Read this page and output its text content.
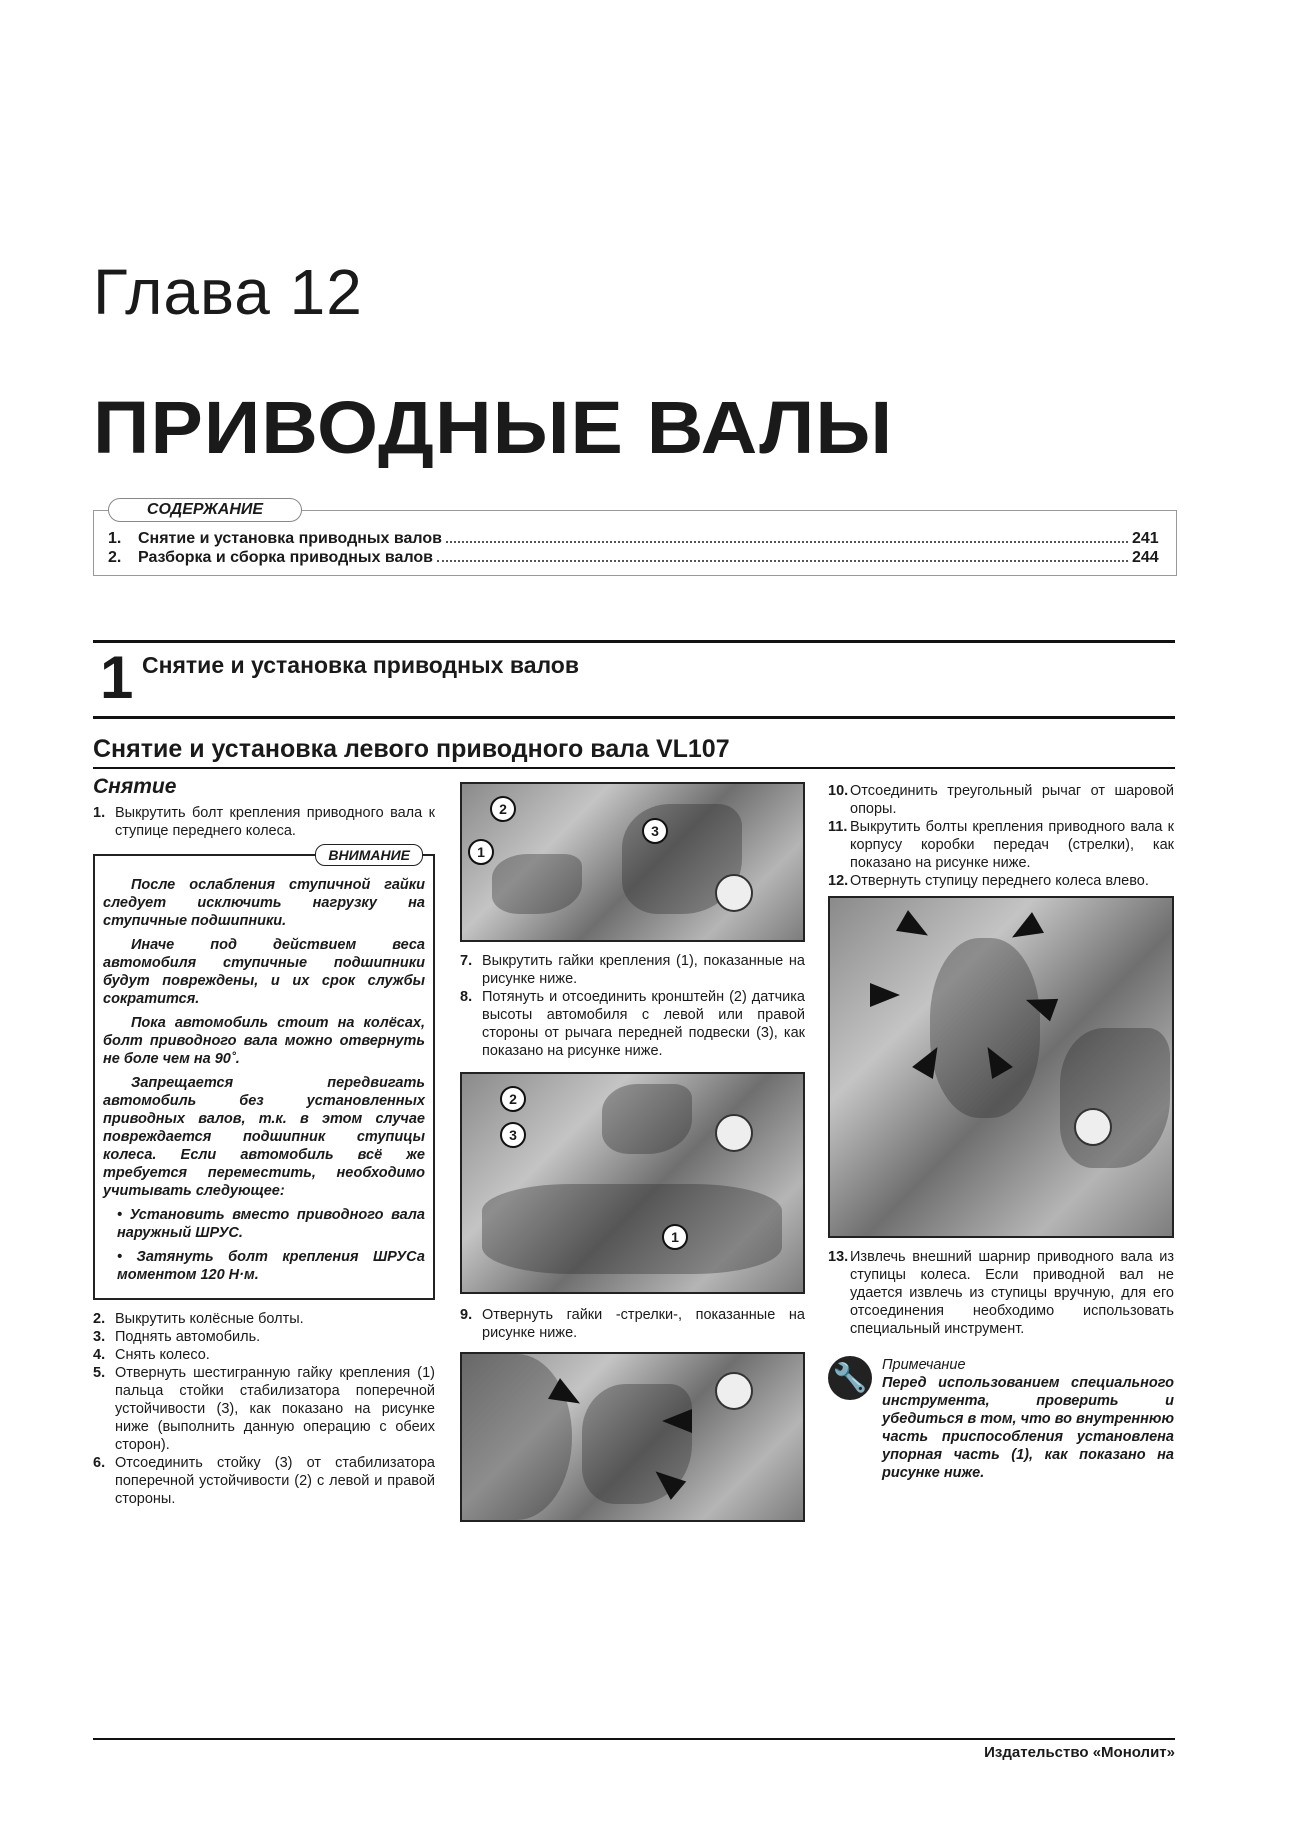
Глава 12
ПРИВОДНЫЕ ВАЛЫ
СОДЕРЖАНИЕ
1.	Снятие и установка приводных валов	241
2.	Разборка и сборка приводных валов	244
1 Снятие и установка приводных валов
Снятие и установка левого приводного вала VL107

Снятие

1. Выкрутить болт крепления приводного вала к ступице переднего колеса.
ВНИМАНИЕ

После ослабления ступичной гайки следует исключить нагрузку на ступичные подшипники.

Иначе под действием веса автомобиля ступичные подшипники будут повреждены, и их срок службы сократится.

Пока автомобиль стоит на колёсах, болт приводного вала можно отвернуть не боле чем на 90˚.

Запрещается передвигать автомобиль без установленных приводных валов, т.к. в этом случае повреждается подшипник ступицы колеса. Если автомобиль всё же требуется переместить, необходимо учитывать следующее:

• Установить вместо приводного вала наружный ШРУС.

• Затянуть болт крепления ШРУСа моментом 120 Н·м.

2. Выкрутить колёсные болты.
3. Поднять автомобиль.
4. Снять колесо.
5. Отвернуть шестигранную гайку крепления (1) пальца стойки стабилизатора поперечной устойчивости (3), как показано на рисунке ниже (выполнить данную операцию с обеих сторон).
6. Отсоединить стойку (3) от стабилизатора поперечной устойчивости (2) с левой и правой стороны.
2
1
3
7. Выкрутить гайки крепления (1), показанные на рисунке ниже.
8. Потянуть и отсоединить кронштейн (2) датчика высоты автомобиля с левой или правой стороны от рычага передней подвески (3), как показано на рисунке ниже.
2
3
1
9. Отвернуть гайки -стрелки-, показанные на рисунке ниже.
10. Отсоединить треугольный рычаг от шаровой опоры.
11. Выкрутить болты крепления приводного вала к корпусу коробки передач (стрелки), как показано на рисунке ниже.
12. Отвернуть ступицу переднего колеса влево.
13. Извлечь внешний шарнир приводного вала из ступицы колеса. Если приводной вал не удается извлечь из ступицы вручную, для его отсоединения необходимо использовать специальный инструмент.
🔧	Примечание

Перед использованием специального инструмента, проверить и убедиться в том, что во внутреннюю часть приспособления установлена упорная часть (1), как показано на рисунке ниже.

Издательство «Монолит»
